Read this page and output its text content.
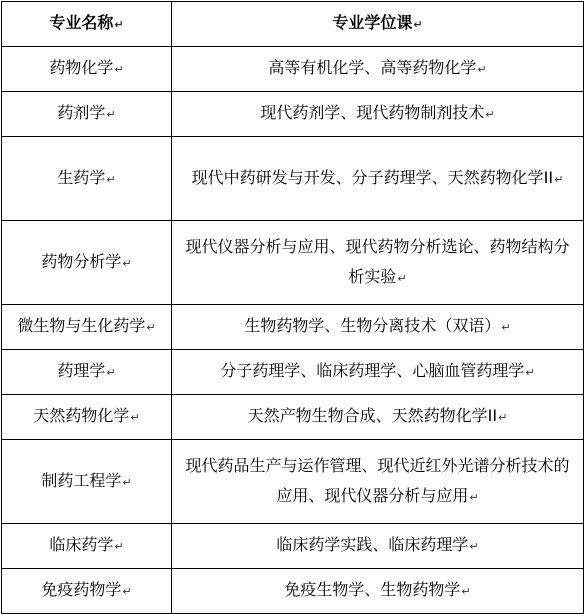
专业名称↵	专业学位课↵
药物化学↵	高等有机化学、高等药物化学↵
药剂学↵	现代药剂学、现代药物制剂技术↵
生药学↵	现代中药研发与开发、分子药理学、天然药物化学II↵
药物分析学↵	现代仪器分析与应用、现代药物分析选论、药物结构分析实验↵
微生物与生化药学↵	生物药物学、生物分离技术（双语）↵
药理学↵	分子药理学、临床药理学、心脑血管药理学↵
天然药物化学↵	天然产物生物合成、天然药物化学II↵
制药工程学↵	现代药品生产与运作管理、现代近红外光谱分析技术的应用、现代仪器分析与应用↵
临床药学↵	临床药学实践、临床药理学↵
免疫药物学↵	免疫生物学、生物药物学↵
